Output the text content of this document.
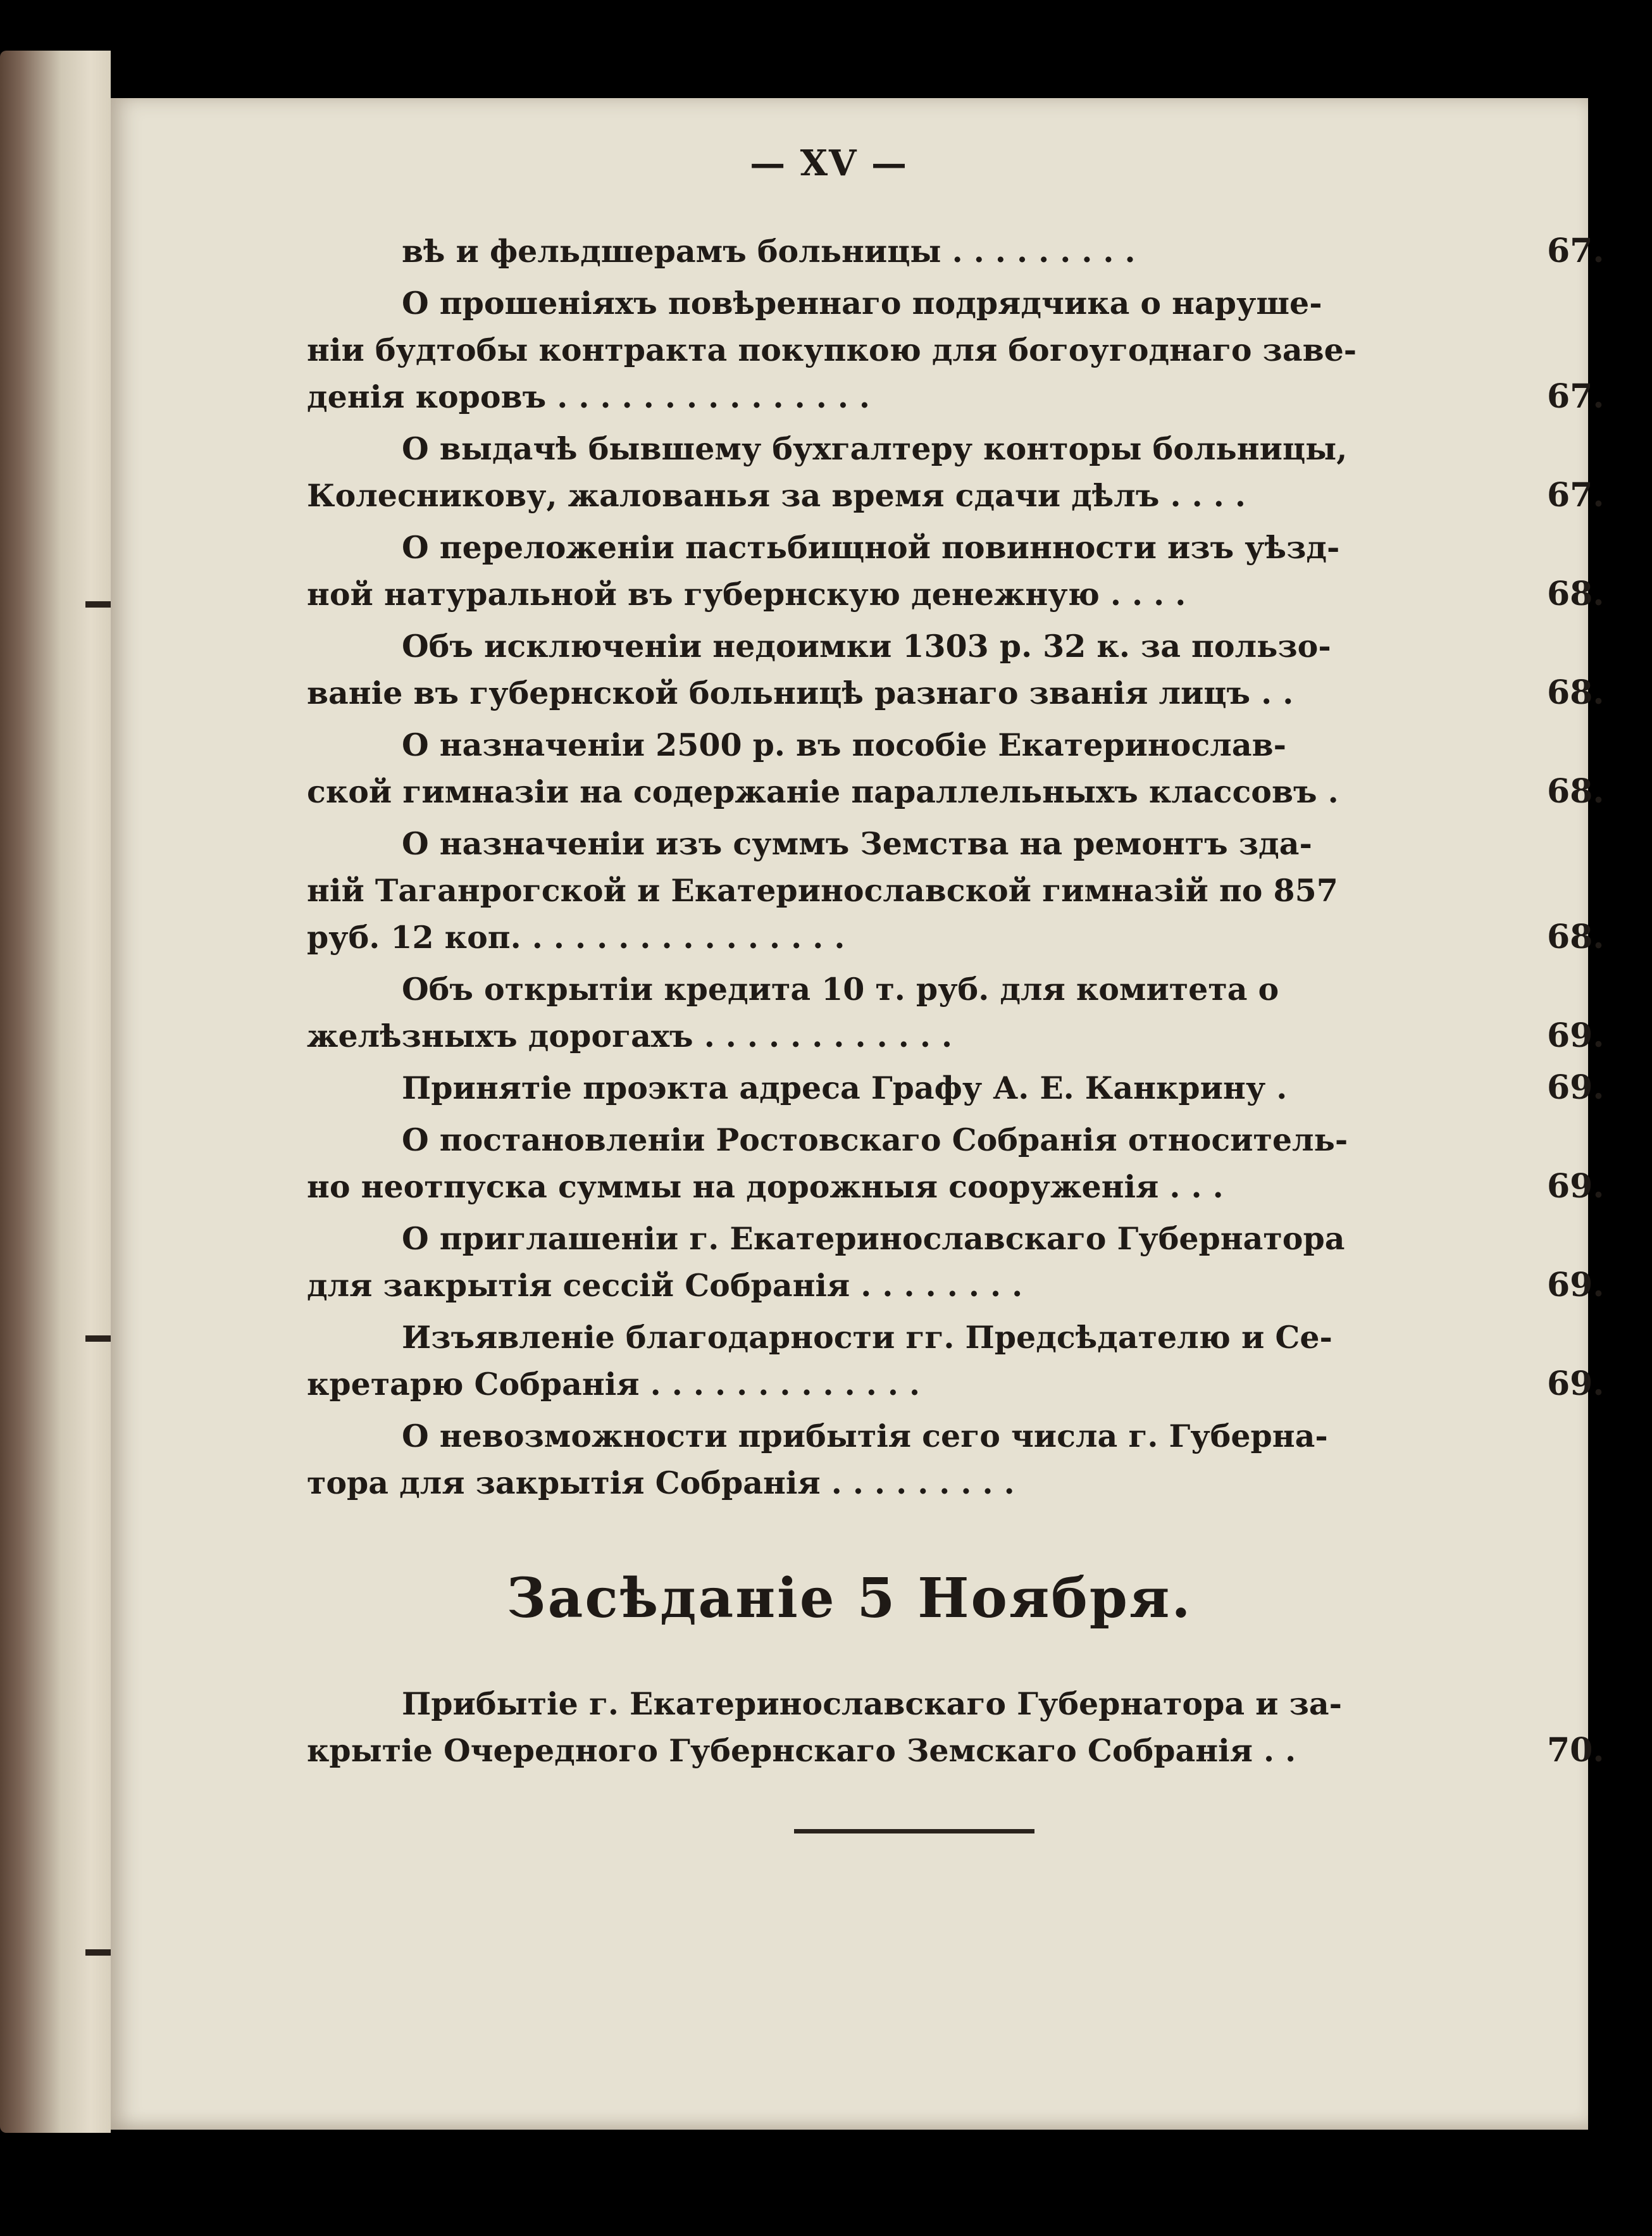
— XV —
вѣ и фельдшерамъ больницы . . . . . . . . .	67.
О прошеніяхъ повѣреннаго подрядчика о наруше-
ніи будтобы контракта покупкою для богоугоднаго заве-
денія коровъ . . . . . . . . . . . . . . .	67.
О выдачѣ бывшему бухгалтеру конторы больницы,
Колесникову, жалованья за время сдачи дѣлъ . . . .	67.
О переложеніи пастьбищной повинности изъ уѣзд-
ной натуральной въ губернскую денежную . . . .	68.
Объ исключеніи недоимки 1303 р. 32 к. за пользо-
ваніе въ губернской больницѣ разнаго званія лицъ . .	68.
О назначеніи 2500 р. въ пособіе Екатеринослав-
ской гимназіи на содержаніе параллельныхъ классовъ .	68.
О назначеніи изъ суммъ Земства на ремонтъ зда-
ній Таганрогской и Екатеринославской гимназій по 857
руб. 12 коп. . . . . . . . . . . . . . . .	68.
Объ открытіи кредита 10 т. руб. для комитета о
желѣзныхъ дорогахъ . . . . . . . . . . . .	69.
Принятіе проэкта адреса Графу А. Е. Канкрину .	69.
О постановленіи Ростовскаго Собранія относитель-
но неотпуска суммы на дорожныя сооруженія . . .	69.
О приглашеніи г. Екатеринославскаго Губернатора
для закрытія сессій Собранія . . . . . . . .	69.
Изъявленіе благодарности гг. Предсѣдателю и Се-
кретарю Собранія . . . . . . . . . . . . .	69.
О невозможности прибытія сего числа г. Губерна-
тора для закрытія Собранія . . . . . . . . .
Засѣданіе 5 Ноября.
Прибытіе г. Екатеринославскаго Губернатора и за-
крытіе Очередного Губернскаго Земскаго Собранія . .	70.
